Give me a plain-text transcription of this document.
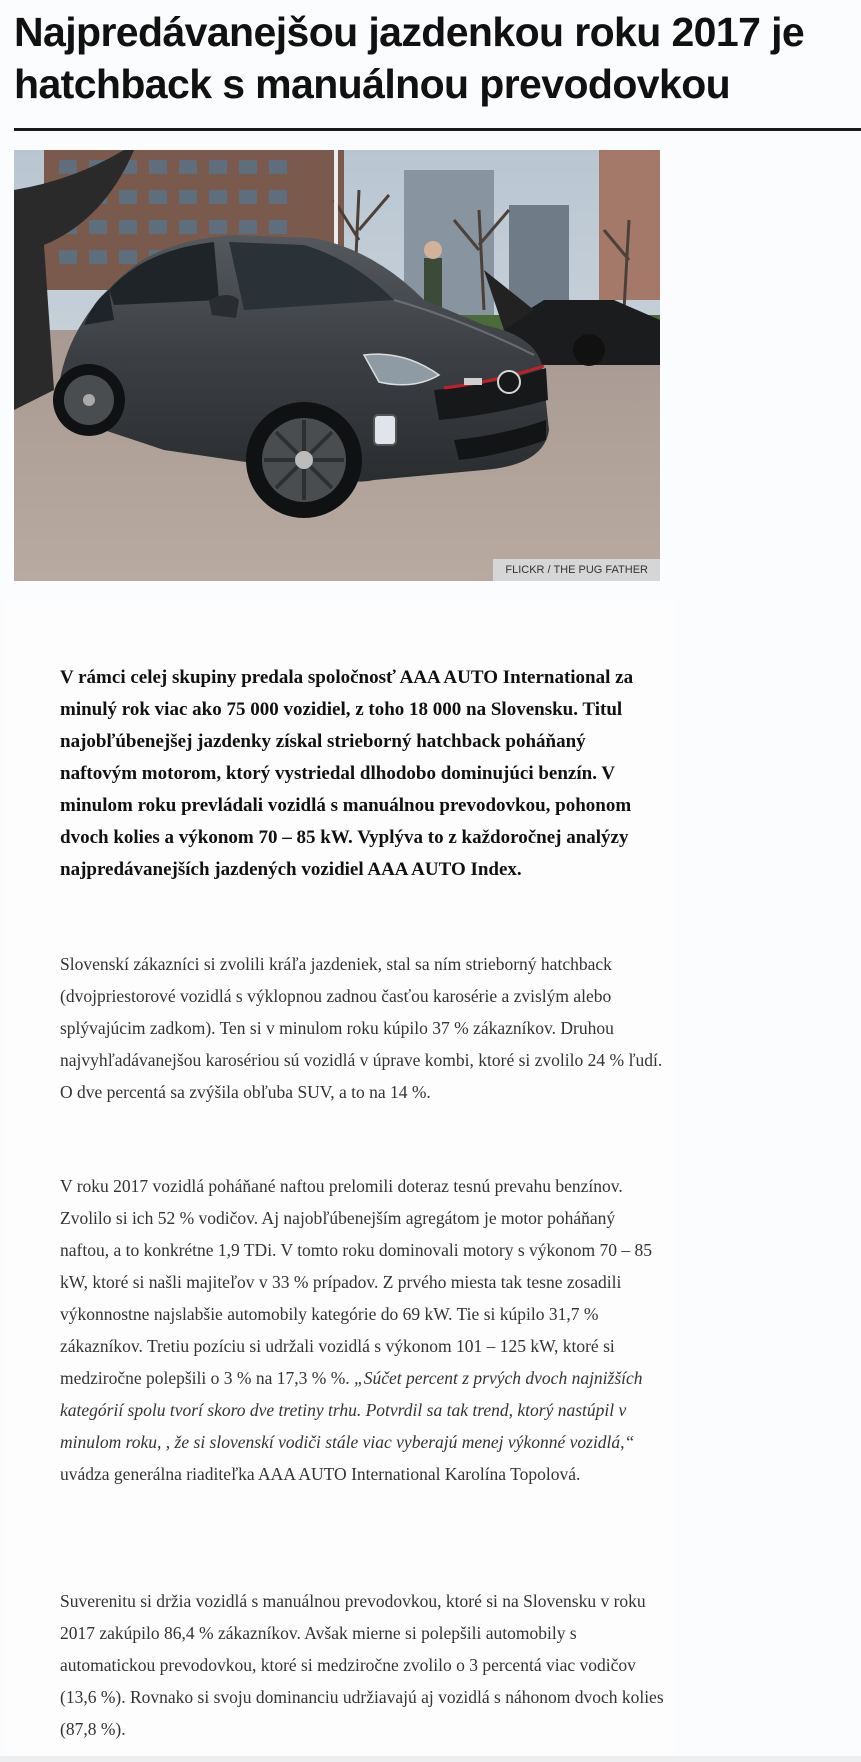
Najpredávanejšou jazdenkou roku 2017 je hatchback s manuálnou prevodovkou
FLICKR / THE PUG FATHER

V rámci celej skupiny predala spoločnosť AAA AUTO International za minulý rok viac ako 75 000 vozidiel, z toho 18 000 na Slovensku. Titul najobľúbenejšej jazdenky získal strieborný hatchback poháňaný naftovým motorom, ktorý vystriedal dlhodobo dominujúci benzín. V minulom roku prevládali vozidlá s manuálnou prevodovkou, pohonom dvoch kolies a výkonom 70 – 85 kW. Vyplýva to z každoročnej analýzy najpredávanejších jazdených vozidiel AAA AUTO Index.

Slovenskí zákazníci si zvolili kráľa jazdeniek, stal sa ním strieborný hatchback (dvojpriestorové vozidlá s výklopnou zadnou časťou karosérie a zvislým alebo splývajúcim zadkom). Ten si v minulom roku kúpilo 37 % zákazníkov. Druhou najvyhľadávanejšou karosériou sú vozidlá v úprave kombi, ktoré si zvolilo 24 % ľudí. O dve percentá sa zvýšila obľuba SUV, a to na 14 %.

V roku 2017 vozidlá poháňané naftou prelomili doteraz tesnú prevahu benzínov. Zvolilo si ich 52 % vodičov. Aj najobľúbenejším agregátom je motor poháňaný naftou, a to konkrétne 1,9 TDi. V tomto roku dominovali motory s výkonom 70 – 85 kW, ktoré si našli majiteľov v 33 % prípadov. Z prvého miesta tak tesne zosadili výkonnostne najslabšie automobily kategórie do 69 kW. Tie si kúpilo 31,7 % zákazníkov. Tretiu pozíciu si udržali vozidlá s výkonom 101 – 125 kW, ktoré si medziročne polepšili o 3 % na 17,3 % %. „Súčet percent z prvých dvoch najnižších kategórií spolu tvorí skoro dve tretiny trhu. Potvrdil sa tak trend, ktorý nastúpil v minulom roku, , že si slovenskí vodiči stále viac vyberajú menej výkonné vozidlá,“ uvádza generálna riaditeľka AAA AUTO International Karolína Topolová.

Suverenitu si držia vozidlá s manuálnou prevodovkou, ktoré si na Slovensku v roku 2017 zakúpilo 86,4 % zákazníkov. Avšak mierne si polepšili automobily s automatickou prevodovkou, ktoré si medziročne zvolilo o 3 percentá viac vodičov (13,6 %). Rovnako si svoju dominanciu udržiavajú aj vozidlá s náhonom dvoch kolies (87,8 %).
